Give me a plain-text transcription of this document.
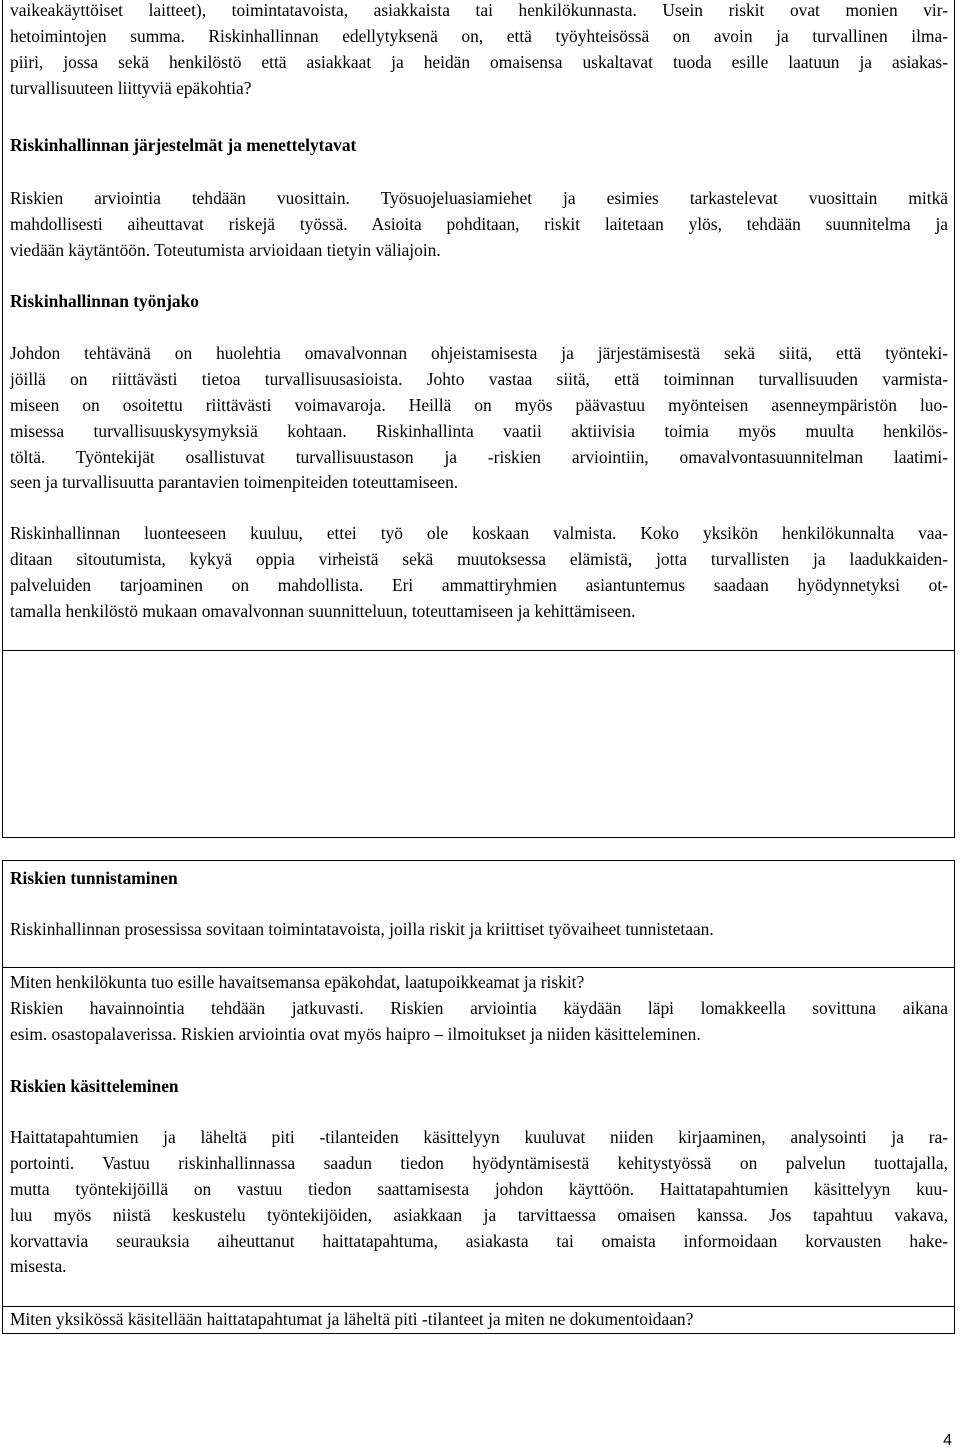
vaikeakäyttöiset laitteet), toimintatavoista, asiakkaista tai henkilökunnasta. Usein riskit ovat monien vir-
hetoimintojen summa. Riskinhallinnan edellytyksenä on, että työyhteisössä on avoin ja turvallinen ilma-
piiri, jossa sekä henkilöstö että asiakkaat ja heidän omaisensa uskaltavat tuoda esille laatuun ja asiakas-
turvallisuuteen liittyviä epäkohtia?

Riskinhallinnan järjestelmät ja menettelytavat

Riskien arviointia tehdään vuosittain. Työsuojeluasiamiehet ja esimies tarkastelevat vuosittain mitkä
mahdollisesti aiheuttavat riskejä työssä. Asioita pohditaan, riskit laitetaan ylös, tehdään suunnitelma ja
viedään käytäntöön. Toteutumista arvioidaan tietyin väliajoin.

Riskinhallinnan työnjako

Johdon tehtävänä on huolehtia omavalvonnan ohjeistamisesta ja järjestämisestä sekä siitä, että työnteki-
jöillä on riittävästi tietoa turvallisuusasioista. Johto vastaa siitä, että toiminnan turvallisuuden varmista-
miseen on osoitettu riittävästi voimavaroja. Heillä on myös päävastuu myönteisen asenneympäristön luo-
misessa turvallisuuskysymyksiä kohtaan. Riskinhallinta vaatii aktiivisia toimia myös muulta henkilös-
töltä. Työntekijät osallistuvat turvallisuustason ja -riskien arviointiin, omavalvontasuunnitelman laatimi-
seen ja turvallisuutta parantavien toimenpiteiden toteuttamiseen.

Riskinhallinnan luonteeseen kuuluu, ettei työ ole koskaan valmista. Koko yksikön henkilökunnalta vaa-
ditaan sitoutumista, kykyä oppia virheistä sekä muutoksessa elämistä, jotta turvallisten ja laadukkaiden-
palveluiden tarjoaminen on mahdollista. Eri ammattiryhmien asiantuntemus saadaan hyödynnetyksi ot-
tamalla henkilöstö mukaan omavalvonnan suunnitteluun, toteuttamiseen ja kehittämiseen.

Riskien tunnistaminen

Riskinhallinnan prosessissa sovitaan toimintatavoista, joilla riskit ja kriittiset työvaiheet tunnistetaan.

Miten henkilökunta tuo esille havaitsemansa epäkohdat, laatupoikkeamat ja riskit?

Riskien havainnointia tehdään jatkuvasti. Riskien arviointia käydään läpi lomakkeella sovittuna aikana
esim. osastopalaverissa. Riskien arviointia ovat myös haipro – ilmoitukset ja niiden käsitteleminen.

Riskien käsitteleminen

Haittatapahtumien ja läheltä piti -tilanteiden käsittelyyn kuuluvat niiden kirjaaminen, analysointi ja ra-
portointi. Vastuu riskinhallinnassa saadun tiedon hyödyntämisestä kehitystyössä on palvelun tuottajalla,
mutta työntekijöillä on vastuu tiedon saattamisesta johdon käyttöön. Haittatapahtumien käsittelyyn kuu-
luu myös niistä keskustelu työntekijöiden, asiakkaan ja tarvittaessa omaisen kanssa. Jos tapahtuu vakava,
korvattavia seurauksia aiheuttanut haittatapahtuma, asiakasta tai omaista informoidaan korvausten hake-
misesta.

Miten yksikössä käsitellään haittatapahtumat ja läheltä piti -tilanteet ja miten ne dokumentoidaan?

4
